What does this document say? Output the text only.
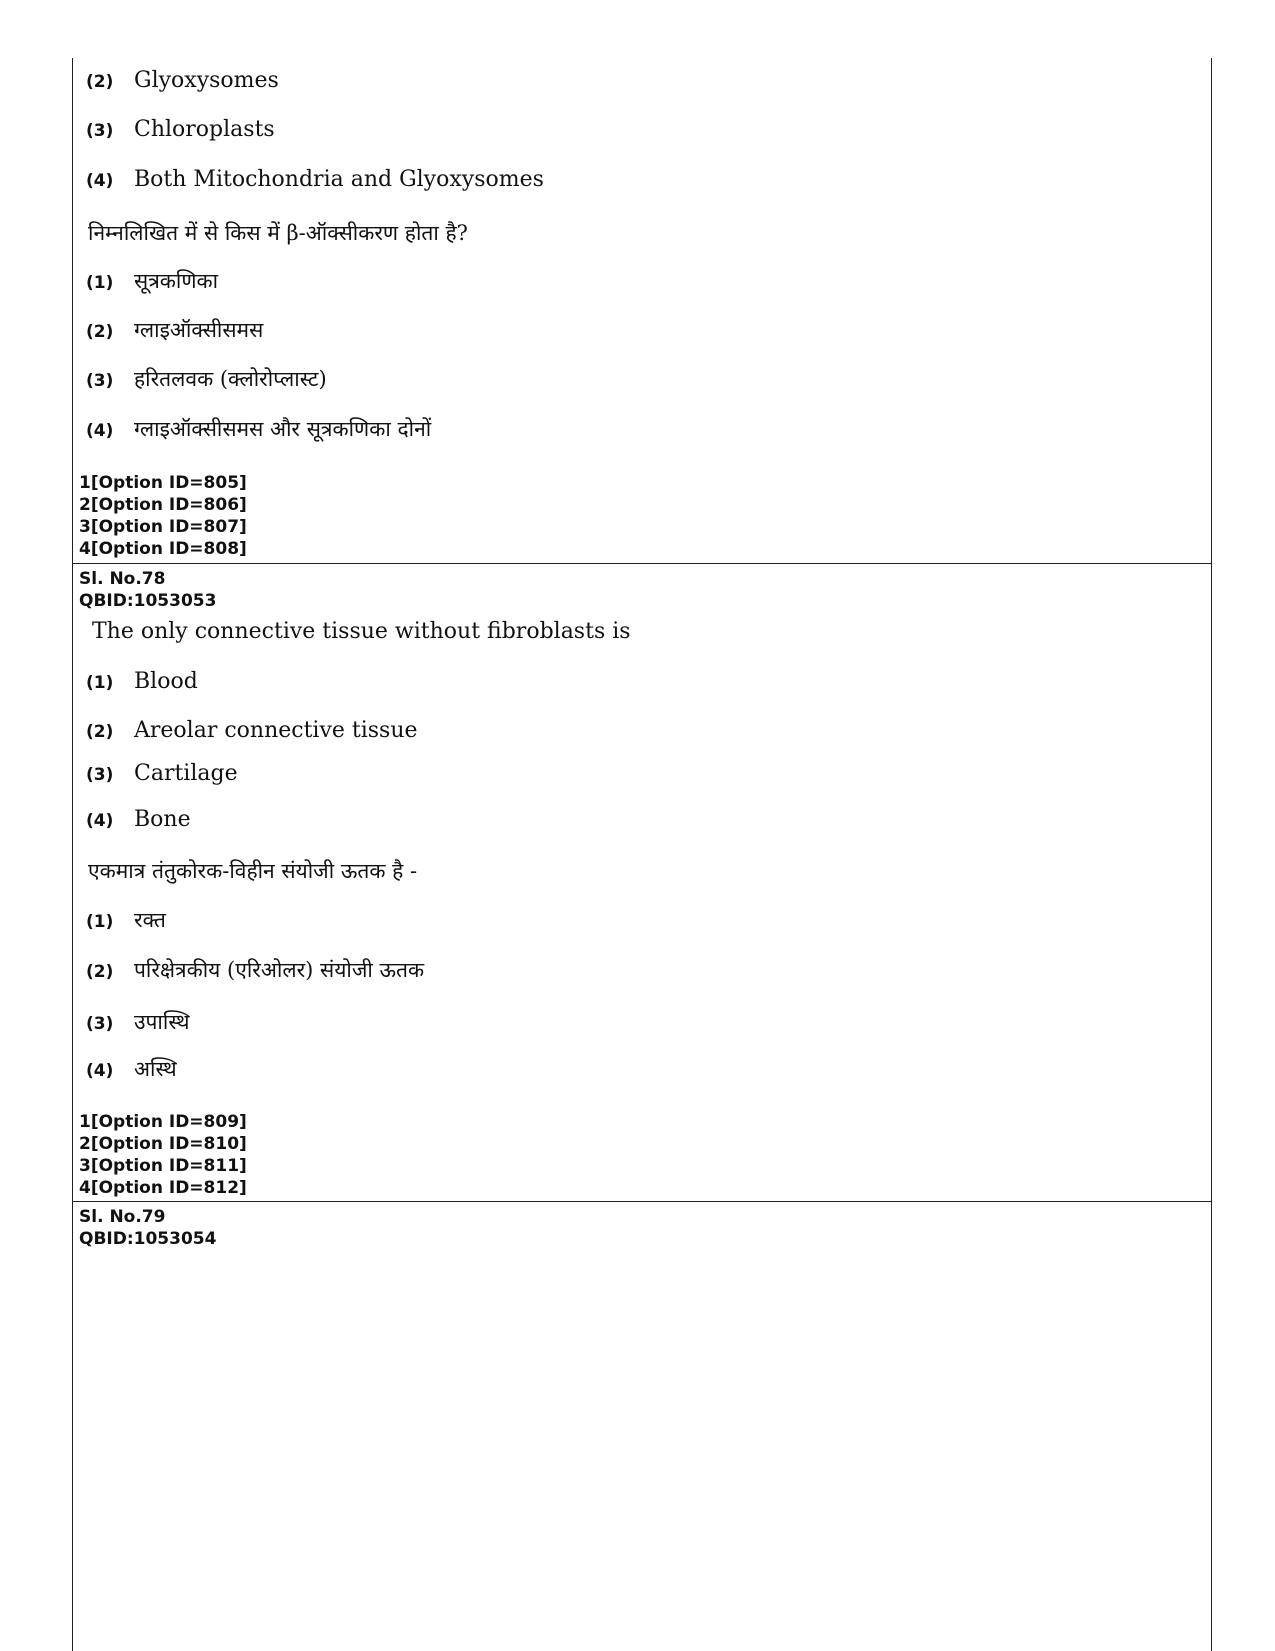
(2) Glyoxysomes
(3) Chloroplasts
(4) Both Mitochondria and Glyoxysomes
निम्नलिखित में से किस में β-ऑक्सीकरण होता है?
(1) सूत्रकणिका
(2) ग्लाइऑक्सीसमस
(3) हरितलवक (क्लोरोप्लास्ट)
(4) ग्लाइऑक्सीसमस और सूत्रकणिका दोनों
1[Option ID=805]
2[Option ID=806]
3[Option ID=807]
4[Option ID=808]
Sl. No.78
QBID:1053053
The only connective tissue without fibroblasts is
(1) Blood
(2) Areolar connective tissue
(3) Cartilage
(4) Bone
एकमात्र तंतुकोरक-विहीन संयोजी ऊतक है -
(1) रक्त
(2) परिक्षेत्रकीय (एरिओलर) संयोजी ऊतक
(3) उपास्थि
(4) अस्थि
1[Option ID=809]
2[Option ID=810]
3[Option ID=811]
4[Option ID=812]
Sl. No.79
QBID:1053054
